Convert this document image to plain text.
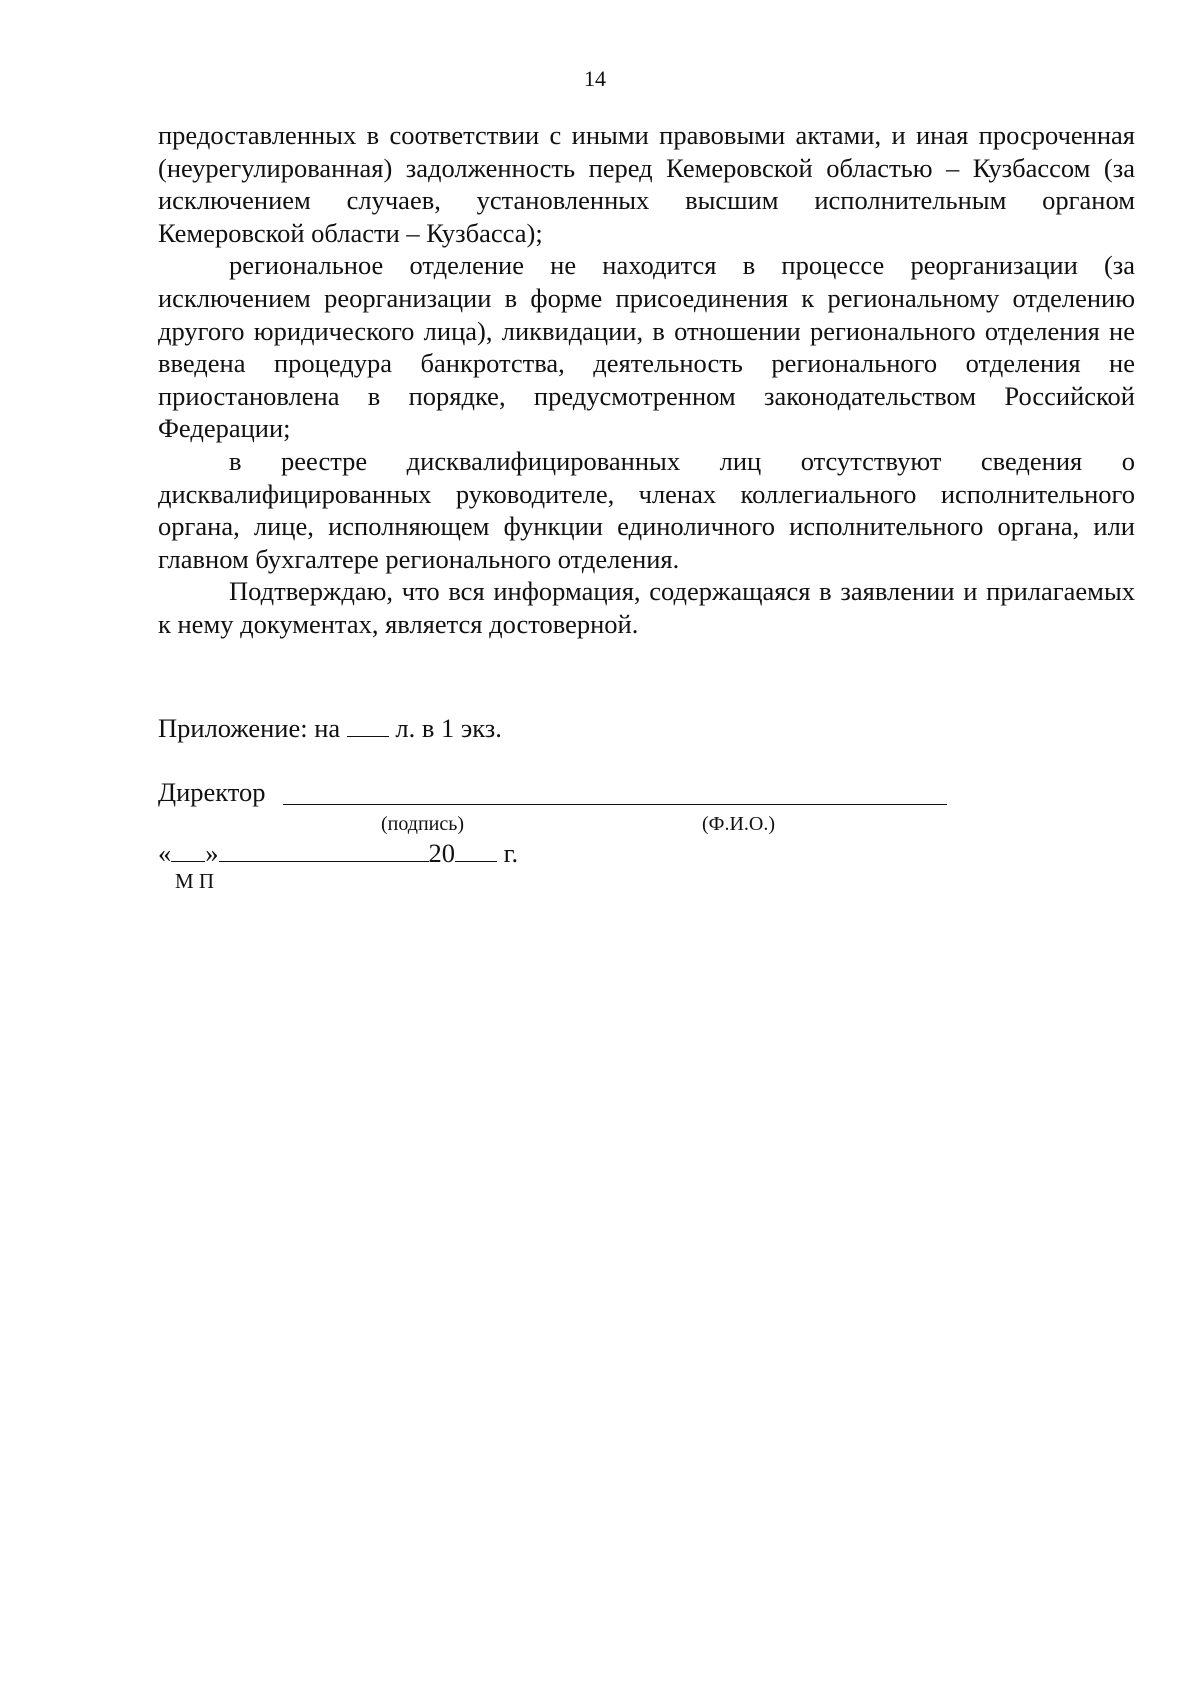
14

предоставленных в соответствии с иными правовыми актами, и иная просроченная (неурегулированная) задолженность перед Кемеровской областью – Кузбассом (за исключением случаев, установленных высшим исполнительным органом Кемеровской области – Кузбасса);

региональное отделение не находится в процессе реорганизации (за исключением реорганизации в форме присоединения к региональному отделению другого юридического лица), ликвидации, в отношении регионального отделения не введена процедура банкротства, деятельность регионального отделения не приостановлена в порядке, предусмотренном законодательством Российской Федерации;

в реестре дисквалифицированных лиц отсутствуют сведения о дисквалифицированных руководителе, членах коллегиального исполнительного органа, лице, исполняющем функции единоличного исполнительного органа, или главном бухгалтере регионального отделения.

Подтверждаю, что вся информация, содержащаяся в заявлении и прилагаемых к нему документах, является достоверной.

Приложение: на  л. в 1 экз.
Директор
(подпись)	(Ф.И.О.)
« »	20 г.
М П
